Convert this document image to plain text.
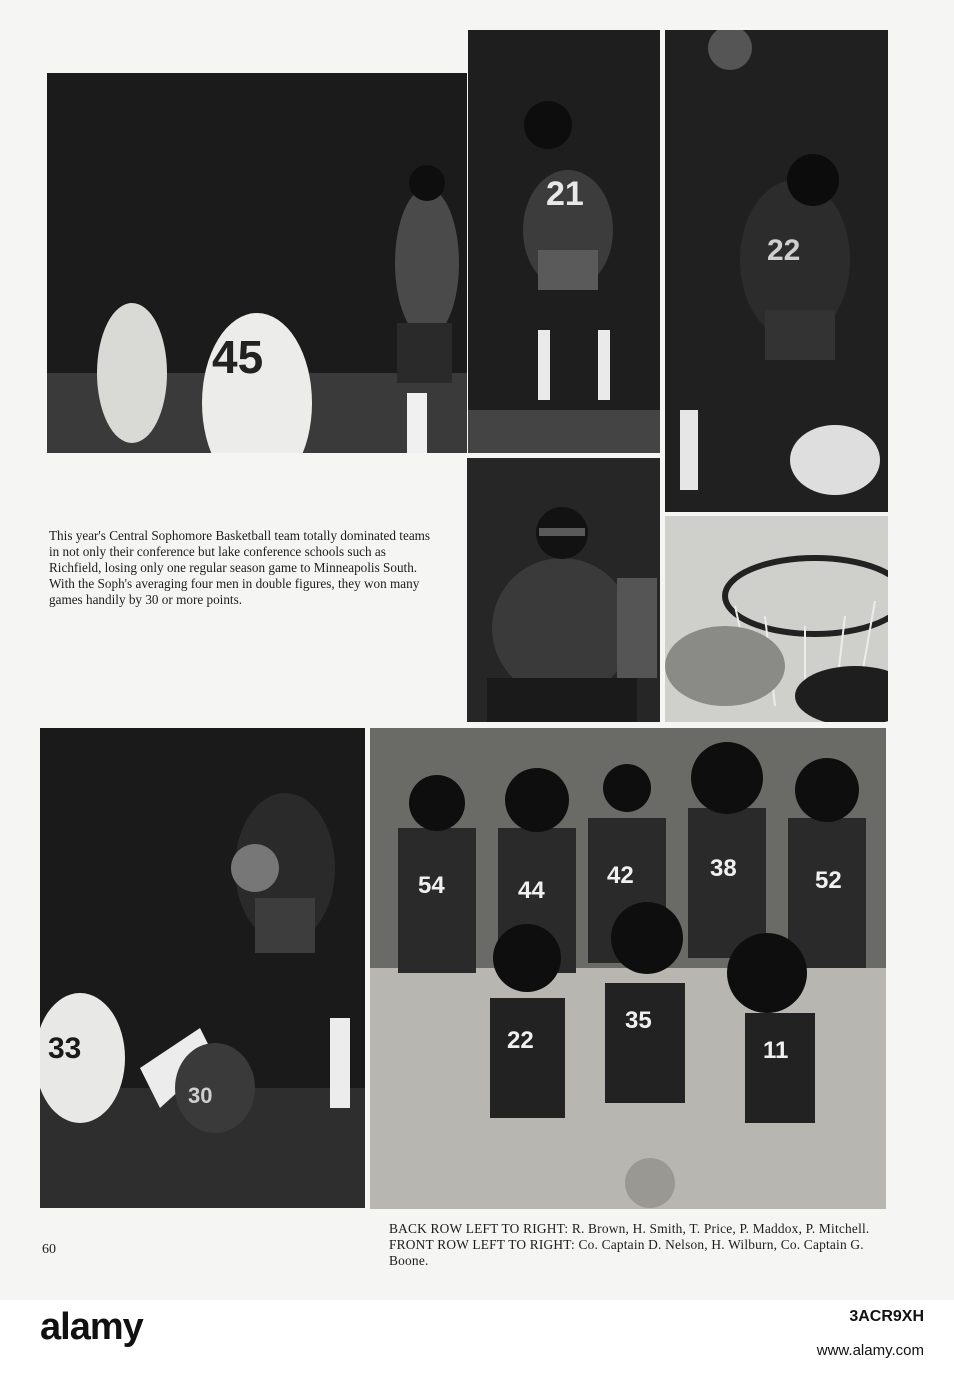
45
21
22
This year's Central Sophomore Basketball team totally dominated teams in not only their conference but lake conference schools such as Richfield, losing only one regular season game to Minneapolis South. With the Soph's averaging four men in double figures, they won many games handily by 30 or more points.
33
30
54	44
42	38	52
22
35
11
BACK ROW LEFT TO RIGHT: R. Brown, H. Smith, T. Price, P. Maddox, P. Mitchell. FRONT ROW LEFT TO RIGHT: Co. Captain D. Nelson, H. Wilburn, Co. Captain G. Boone.
60
alamy	3ACR9XH
www.alamy.com
